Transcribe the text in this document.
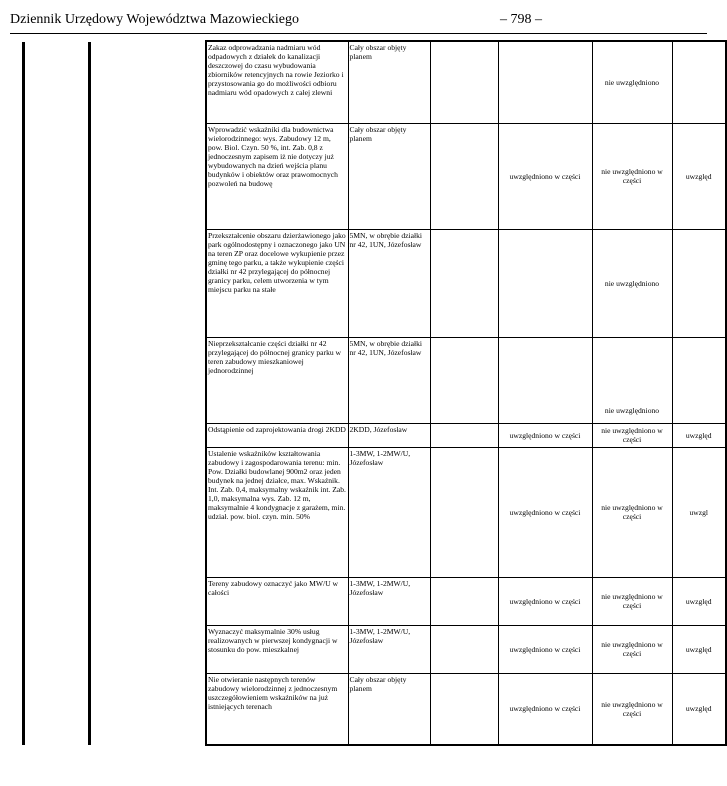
Dziennik Urzędowy Województwa Mazowieckiego	– 798 –
Zakaz odprowadzania nadmiaru wód odpadowych z działek do kanalizacji deszczowej do czasu wybudowania zbiorników retencyjnych na rowie Jeziorko i przystosowania go do możliwości odbioru nadmiaru wód opadowych z całej zlewni	Cały obszar objęty planem			nie uwzględniono	
Wprowadzić wskaźniki dla budownictwa wielorodzinnego: wys. Zabudowy 12 m, pow. Biol. Czyn. 50 %, int. Zab. 0,8 z jednoczesnym zapisem iż nie dotyczy już wybudowanych na dzień wejścia planu budynków i obiektów oraz prawomocnych pozwoleń na budowę	Cały obszar objęty planem		uwzględniono w części	nie uwzględniono w części	uwzględ
Przekształcenie obszaru dzierżawionego jako park ogólnodostępny i oznaczonego jako UN na teren ZP oraz docelowe wykupienie przez gminę tego parku, a także wykupienie części działki nr 42 przylegającej do północnej granicy parku, celem utworzenia w tym miejscu parku na stałe	5MN, w obrębie działki nr 42, 1UN, Józefosław			nie uwzględniono	
Nieprzekształcanie części działki nr 42 przylegającej do północnej granicy parku w teren zabudowy mieszkaniowej jednorodzinnej	5MN, w obrębie działki nr 42, 1UN, Józefosław			nie uwzględniono	
Odstąpienie od zaprojektowania drogi 2KDD	2KDD, Józefosław		uwzględniono w części	nie uwzględniono w części	uwzględ
Ustalenie wskaźników kształtowania zabudowy i zagospodarowania terenu: min. Pow. Działki budowlanej 900m2 oraz jeden budynek na jednej działce, max. Wskaźnik. Int. Zab. 0,4, maksymalny wskaźnik int. Zab. 1,0, maksymalna wys. Zab. 12 m, maksymalnie 4 kondygnacje z garażem, min. udział. pow. biol. czyn. min. 50%	1-3MW, 1-2MW/U, Józefosław		uwzględniono w części	nie uwzględniono w części	uwzgl
Tereny zabudowy oznaczyć jako MW/U w całości	1-3MW, 1-2MW/U, Józefosław		uwzględniono w części	nie uwzględniono w części	uwzględ
Wyznaczyć maksymalnie 30% usług realizowanych w pierwszej kondygnacji w stosunku do pow. mieszkalnej	1-3MW, 1-2MW/U, Józefosław		uwzględniono w części	nie uwzględniono w części	uwzględ
Nie otwieranie następnych terenów zabudowy wielorodzinnej z jednoczesnym uszczegółowieniem wskaźników na już istniejących terenach	Cały obszar objęty planem		uwzględniono w części	nie uwzględniono w części	uwzględ
